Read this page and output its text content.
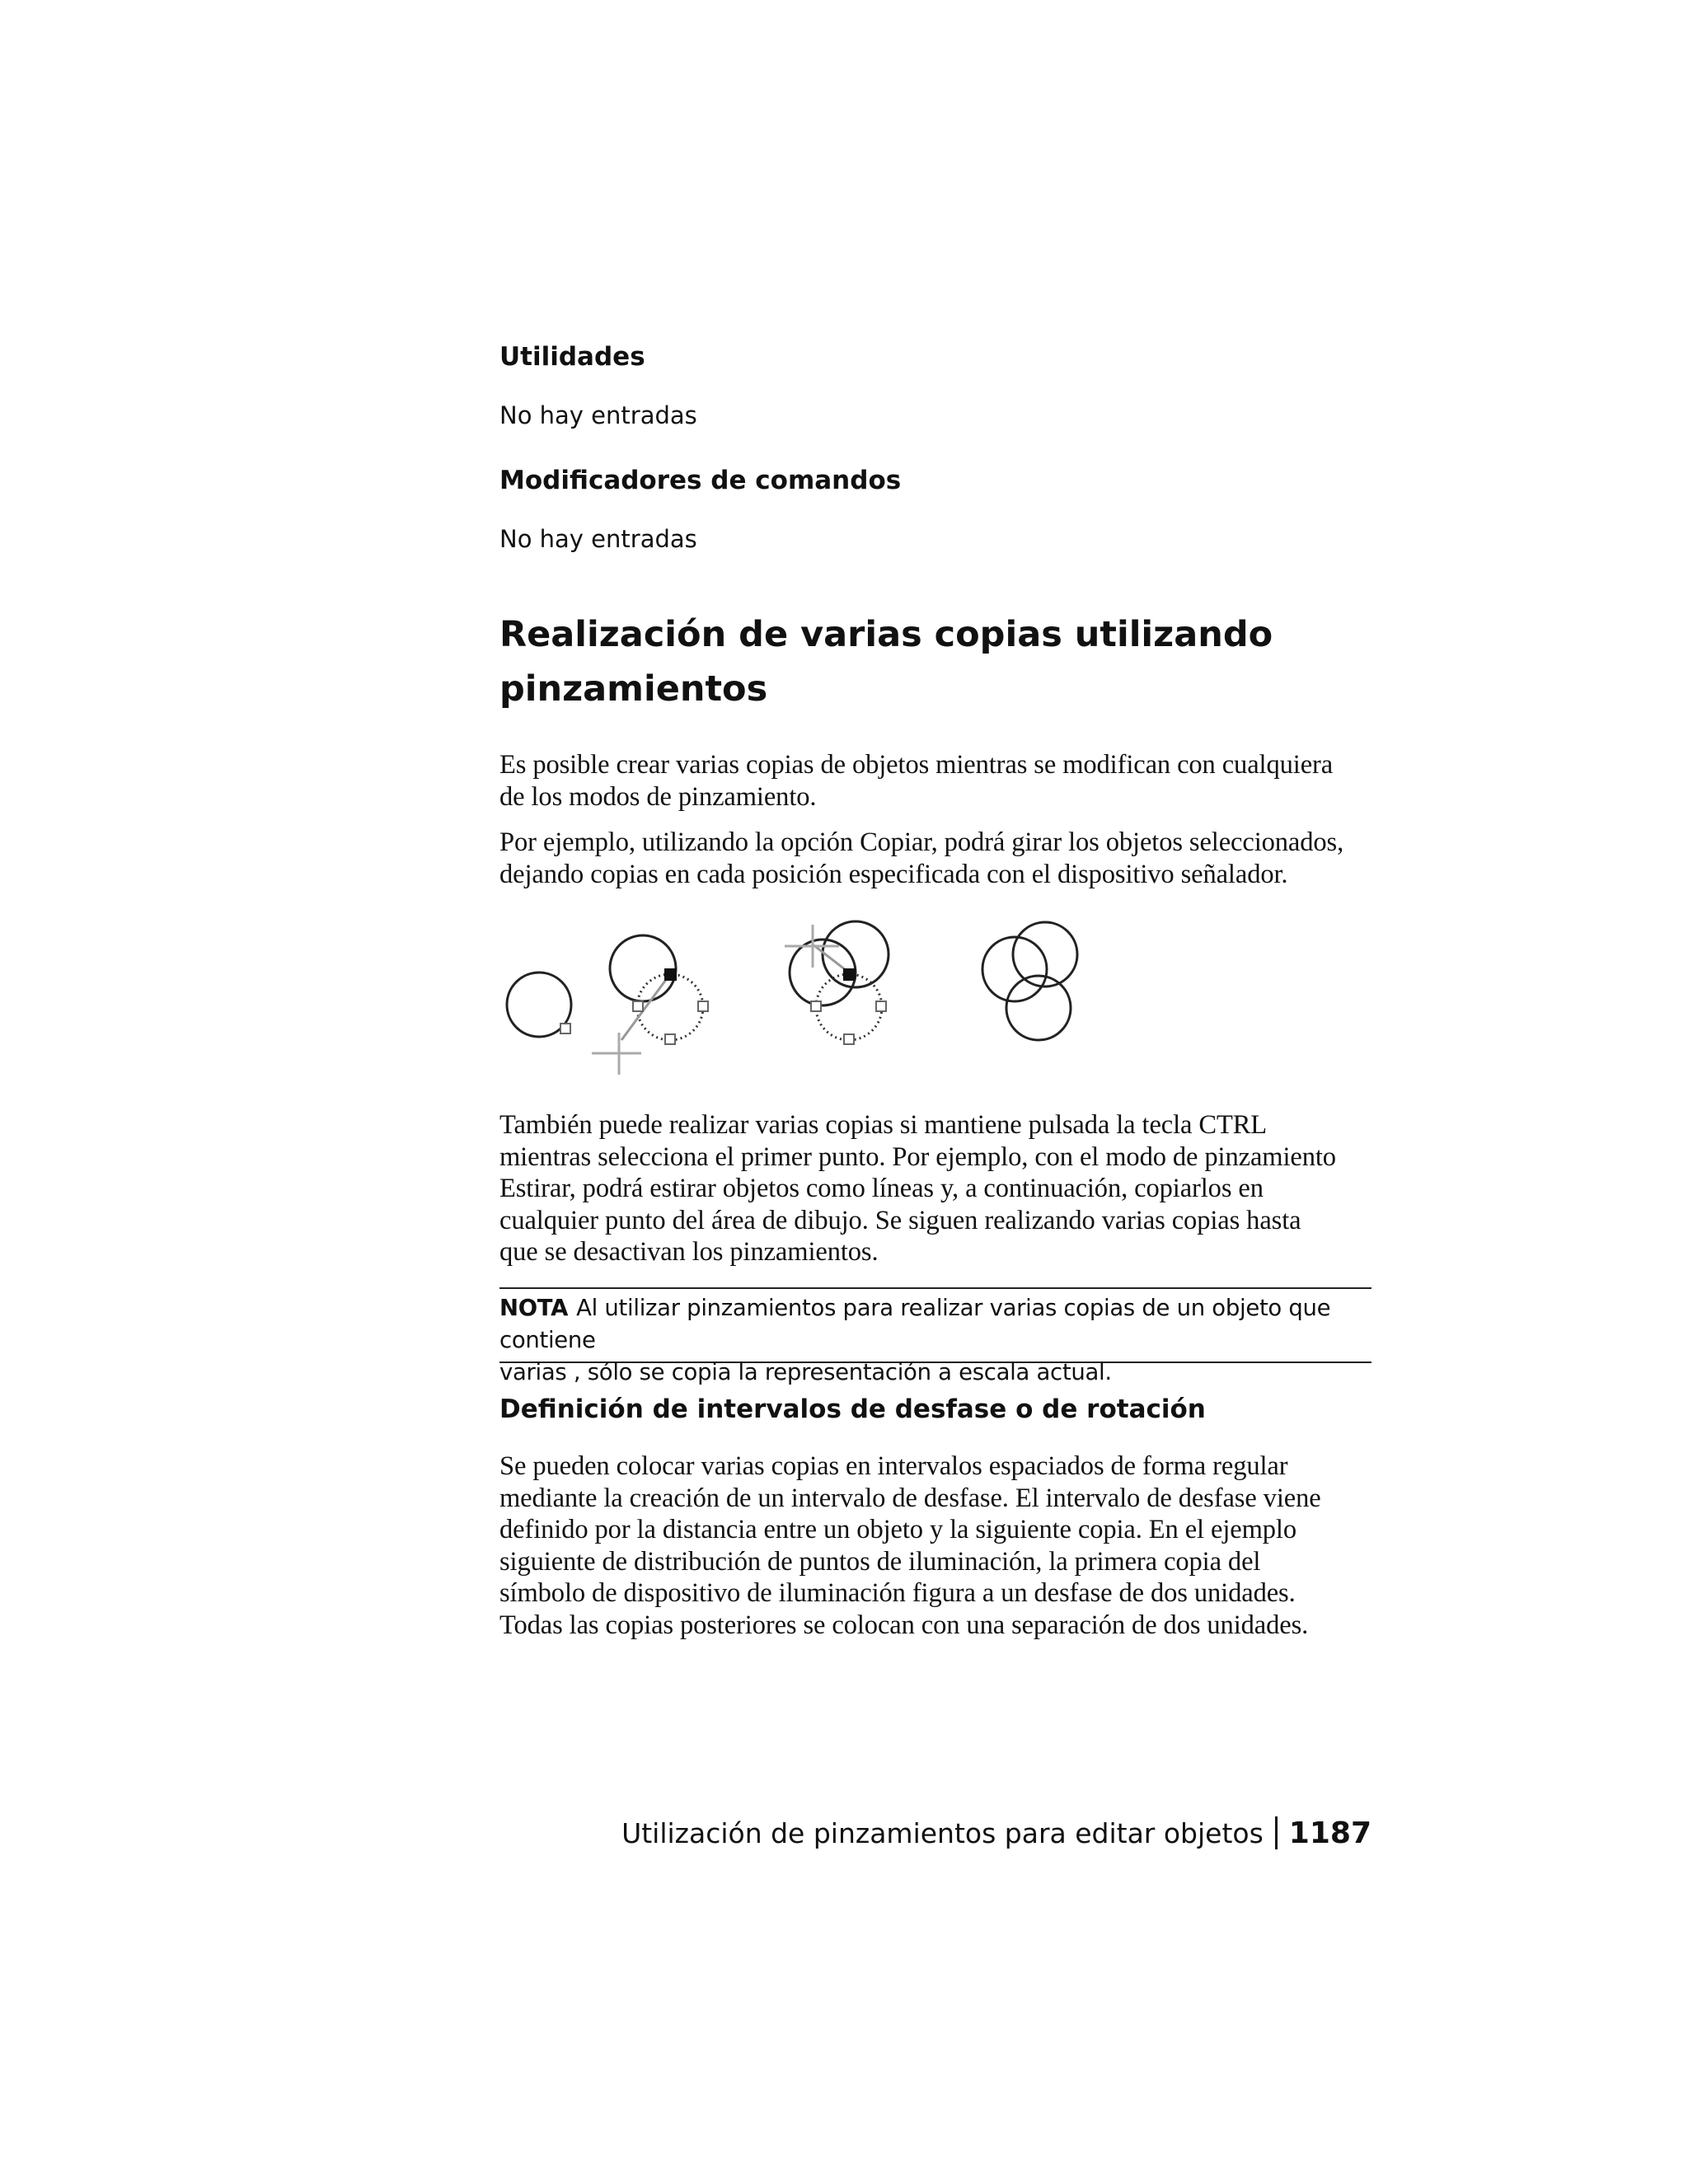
Utilidades

No hay entradas

Modificadores de comandos

No hay entradas

Realización de varias copias utilizando

pinzamientos

Es posible crear varias copias de objetos mientras se modifican con cualquiera

de los modos de pinzamiento.

Por ejemplo, utilizando la opción Copiar, podrá girar los objetos seleccionados,

dejando copias en cada posición especificada con el dispositivo señalador.

También puede realizar varias copias si mantiene pulsada la tecla CTRL

mientras selecciona el primer punto. Por ejemplo, con el modo de pinzamiento

Estirar, podrá estirar objetos como líneas y, a continuación, copiarlos en

cualquier punto del área de dibujo. Se siguen realizando varias copias hasta

que se desactivan los pinzamientos.

NOTA Al utilizar pinzamientos para realizar varias copias de un objeto que contiene

varias , sólo se copia la representación a escala actual.

Definición de intervalos de desfase o de rotación

Se pueden colocar varias copias en intervalos espaciados de forma regular

mediante la creación de un intervalo de desfase. El intervalo de desfase viene

definido por la distancia entre un objeto y la siguiente copia. En el ejemplo

siguiente de distribución de puntos de iluminación, la primera copia del

símbolo de dispositivo de iluminación figura a un desfase de dos unidades.

Todas las copias posteriores se colocan con una separación de dos unidades.

Utilización de pinzamientos para editar objetos 1187
